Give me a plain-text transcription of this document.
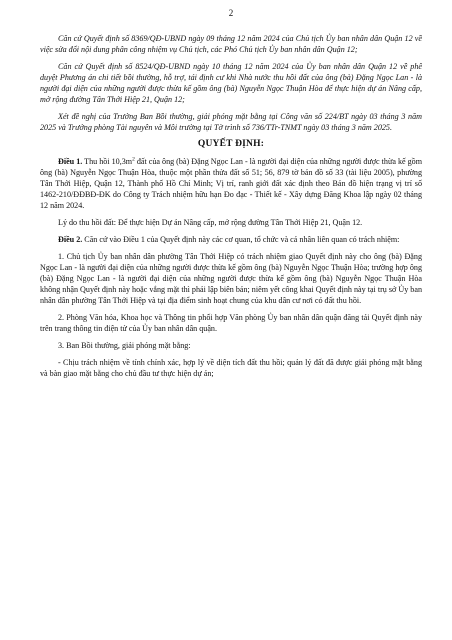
2

Căn cứ Quyết định số 8369/QĐ-UBND ngày 09 tháng 12 năm 2024 của Chủ tịch Ủy ban nhân dân Quận 12 về việc sửa đổi nội dung phân công nhiệm vụ Chủ tịch, các Phó Chủ tịch Ủy ban nhân dân Quận 12;

Căn cứ Quyết định số 8524/QĐ-UBND ngày 10 tháng 12 năm 2024 của Ủy ban nhân dân Quận 12 về phê duyệt Phương án chi tiết bồi thường, hỗ trợ, tái định cư khi Nhà nước thu hồi đất của ông (bà) Đặng Ngọc Lan - là người đại diện của những người được thừa kế gồm ông (bà) Nguyễn Ngọc Thuận Hòa để thực hiện dự án Nâng cấp, mở rộng đường Tân Thới Hiệp 21, Quận 12;

Xét đề nghị của Trưởng Ban Bồi thường, giải phóng mặt bằng tại Công văn số 224/BT ngày 03 tháng 3 năm 2025 và Trưởng phòng Tài nguyên và Môi trường tại Tờ trình số 736/TTr-TNMT ngày 03 tháng 3 năm 2025.

QUYẾT ĐỊNH:

Điều 1. Thu hồi $10,3m^2$ đất của ông (bà) Đặng Ngọc Lan - là người đại diện của những người được thừa kế gồm ông (bà) Nguyễn Ngọc Thuận Hòa, thuộc một phần thửa đất số 51; 56, 879 tờ bản đồ số 33 (tài liệu 2005), phường Tân Thới Hiệp, Quận 12, Thành phố Hồ Chí Minh; Vị trí, ranh giới đất xác định theo Bản đồ hiện trạng vị trí số 1462-210/ĐĐBĐ-ĐK do Công ty Trách nhiệm hữu hạn Đo đạc - Thiết kế - Xây dựng Đăng Khoa lập ngày 02 tháng 12 năm 2024.

Lý do thu hồi đất: Để thực hiện Dự án Nâng cấp, mở rộng đường Tân Thới Hiệp 21, Quận 12.

Điều 2. Căn cứ vào Điều 1 của Quyết định này các cơ quan, tổ chức và cá nhân liên quan có trách nhiệm:

1. Chủ tịch Ủy ban nhân dân phường Tân Thới Hiệp có trách nhiệm giao Quyết định này cho ông (bà) Đặng Ngọc Lan - là người đại diện của những người được thừa kế gồm ông (bà) Nguyễn Ngọc Thuận Hòa; trường hợp ông (bà) Đặng Ngọc Lan - là người đại diện của những người được thừa kế gồm ông (bà) Nguyễn Ngọc Thuận Hòa không nhận Quyết định này hoặc vắng mặt thì phải lập biên bản; niêm yết công khai Quyết định này tại trụ sở Ủy ban nhân dân phường Tân Thới Hiệp và tại địa điểm sinh hoạt chung của khu dân cư nơi có đất thu hồi.

2. Phòng Văn hóa, Khoa học và Thông tin phối hợp Văn phòng Ủy ban nhân dân quận đăng tải Quyết định này trên trang thông tin điện tử của Ủy ban nhân dân quận.

3. Ban Bồi thường, giải phóng mặt bằng:

- Chịu trách nhiệm về tính chính xác, hợp lý về diện tích đất thu hồi; quản lý đất đã được giải phóng mặt bằng và bàn giao mặt bằng cho chủ đầu tư thực hiện dự án;
